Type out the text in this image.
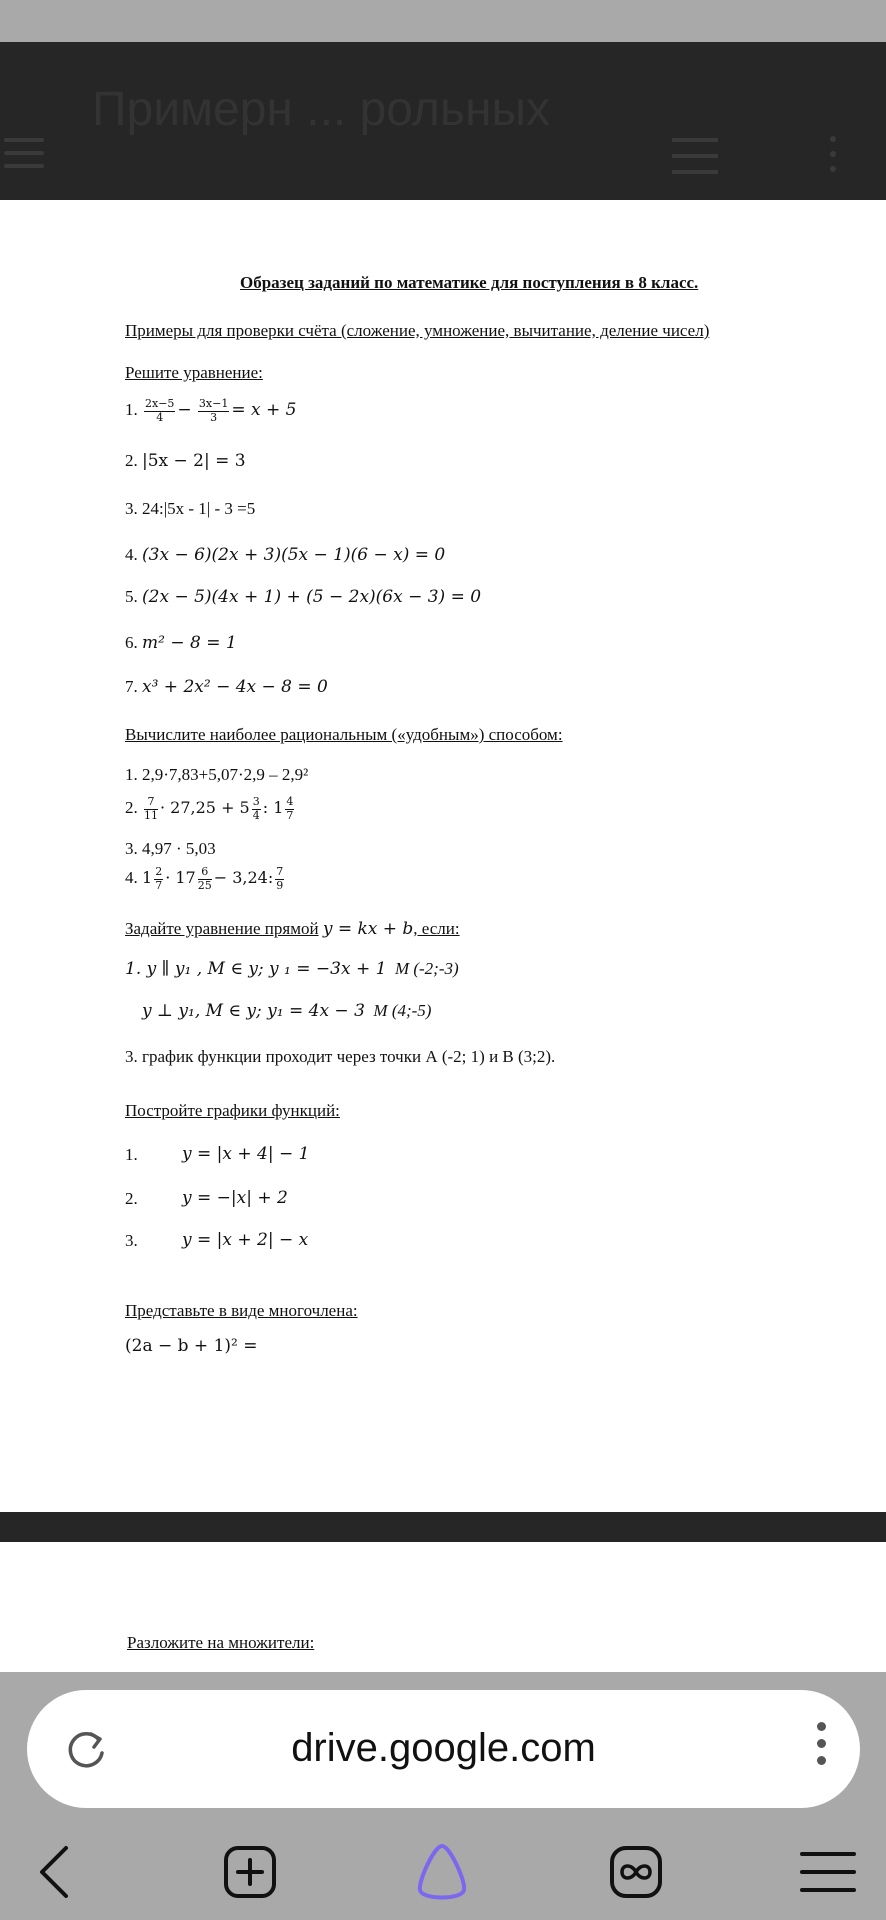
Примерн ... рольных
Образец заданий по математике для поступления в 8 класс.
Примеры для проверки счёта (сложение, умножение, вычитание, деление чисел)
Решите уравнение:
1. $\frac{2x-5}{4} - \frac{3x-1}{3} = x + 5$
2. |5x − 2| = 3
3. 24:|5x - 1| - 3 =5
4. (3x − 6)(2x + 3)(5x − 1)(6 − x) = 0
5. (2x − 5)(4x + 1) + (5 − 2x)(6x − 3) = 0
6. m² − 8 = 1
7. x³ + 2x² − 4x − 8 = 0
Вычислите наиболее рациональным («удобным») способом:
1. 2,9·7,83+5,07·2,9 – 2,9²
2. $\frac{7}{11} \cdot 27,25 + 5 \frac{3}{4}$ : $1 \frac{4}{7}$
3. 4,97 · 5,03
4. $1 \frac{2}{7} \cdot 17 \frac{6}{25} - 3,24$: $\frac{7}{9}$
Задайте уравнение прямой y = kx + b, если:
1. y ∥ y₁ , M ∈ y; y ₁ = −3x + 1 M (-2;-3)
y ⊥ y₁, M ∈ y; y₁ = 4x − 3 M (4;-5)
3. график функции проходит через точки А (-2; 1) и В (3;2).
Постройте графики функций:
1.	y = |x + 4| − 1
2.	y = −|x| + 2
3.	y = |x + 2| − x
Представьте в виде многочлена:
(2a − b + 1)² =
Разложите на множители:
drive.google.com
